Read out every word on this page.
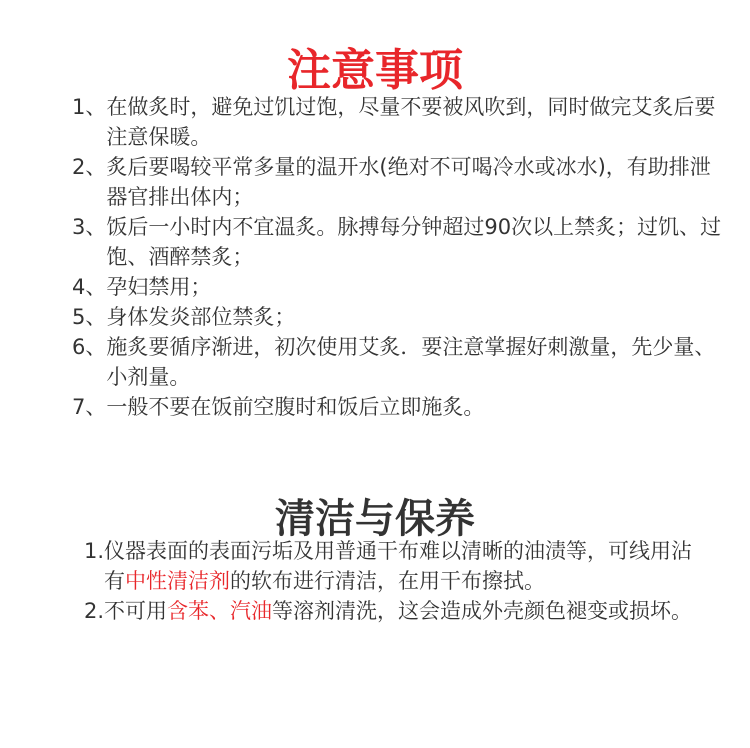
注意事项
1、 在做炙时，避免过饥过饱，尽量不要被风吹到，同时做完艾炙后要注意保暖。
2、 炙后要喝较平常多量的温开水(绝对不可喝冷水或冰水)，有助排泄器官排出体内；
3、 饭后一小时内不宜温炙。脉搏每分钟超过90次以上禁炙；过饥、过饱、酒醉禁炙；
4、 孕妇禁用；
5、 身体发炎部位禁炙；
6、 施炙要循序渐进，初次使用艾炙．要注意掌握好刺激量，先少量、小剂量。
7、 一般不要在饭前空腹时和饭后立即施炙。
清洁与保养
1. 仪器表面的表面污垢及用普通干布难以清晰的油渍等，可线用沾有中性清洁剂的软布进行清洁，在用干布擦拭。
2. 不可用含苯、汽油等溶剂清洗，这会造成外壳颜色褪变或损坏。
